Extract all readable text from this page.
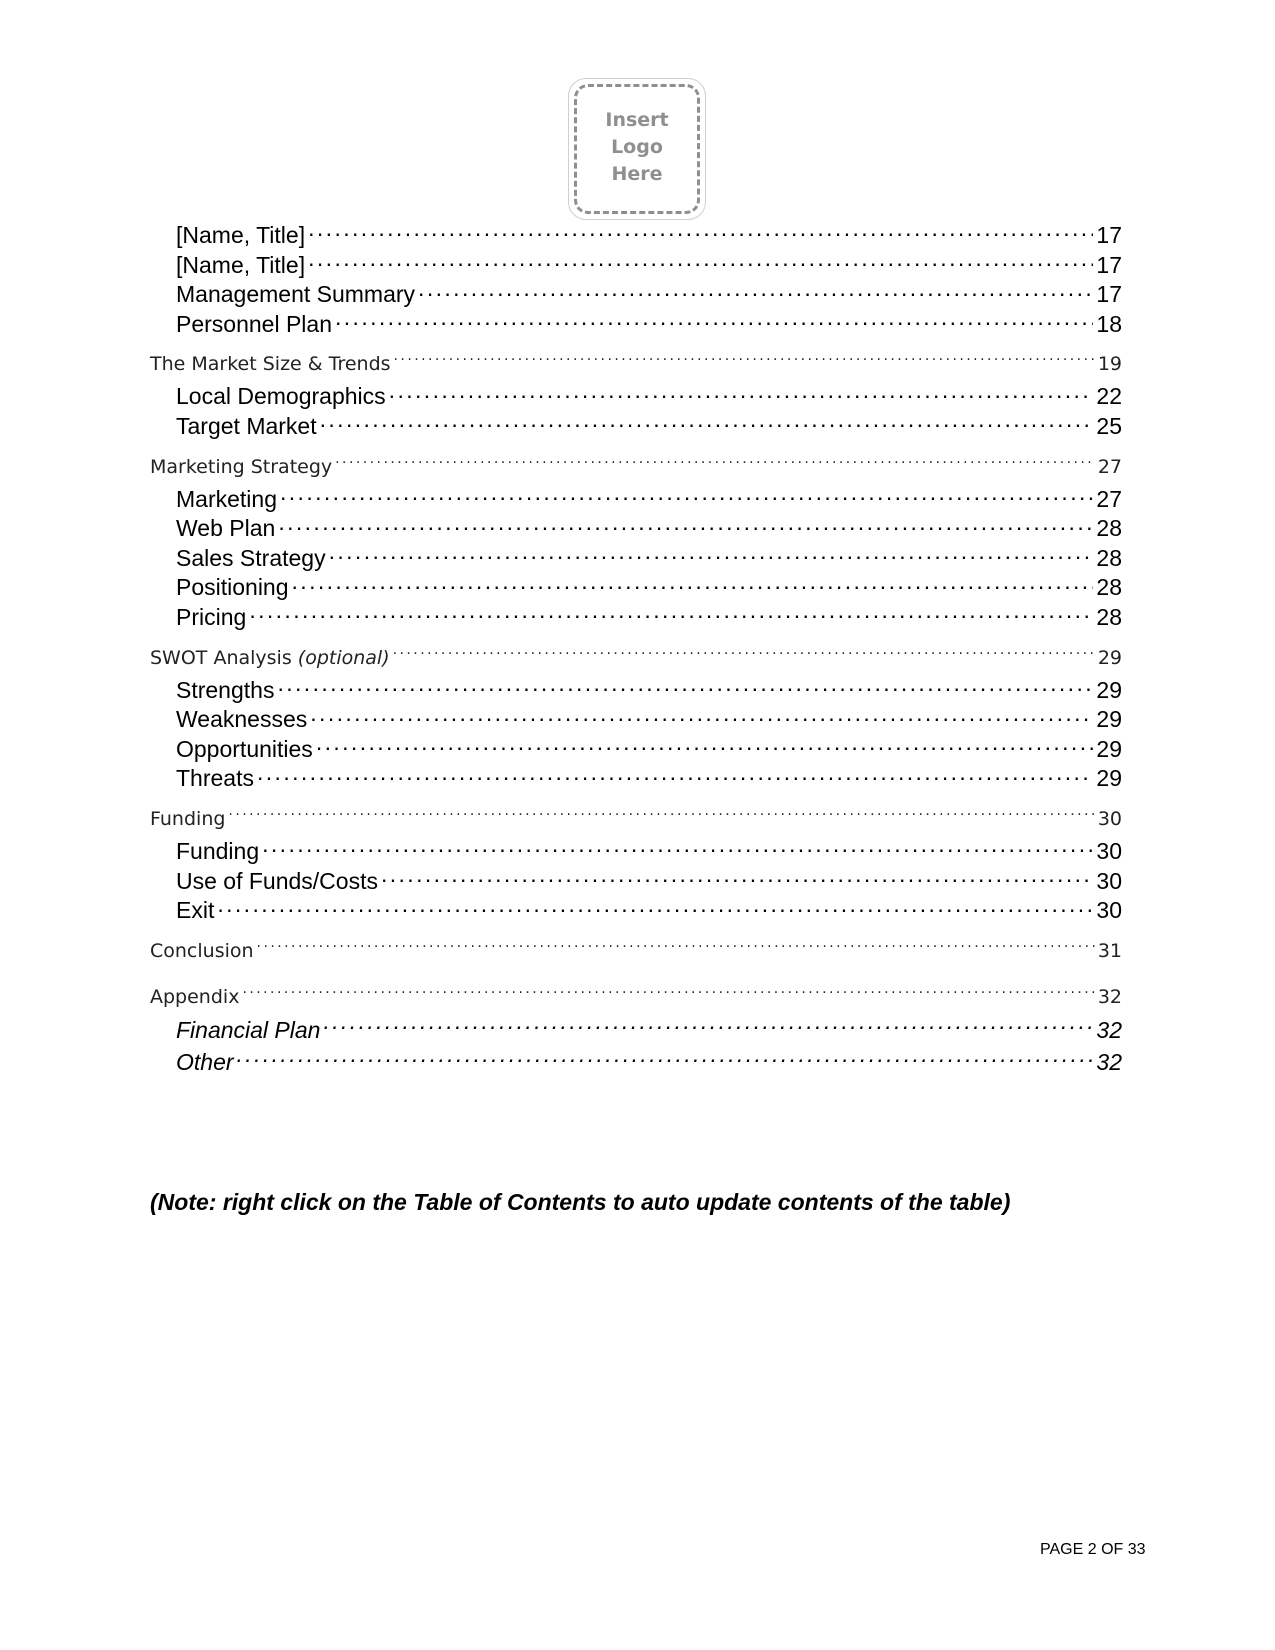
Insert
Logo
Here
[Name, Title] . . .	17
[Name, Title] . . .	17
Management Summary . . .	17
Personnel Plan . . .	18
The Market Size & Trends . . .	19
Local Demographics . . .	22
Target Market . . .	25
Marketing Strategy . . .	27
Marketing . . .	27
Web Plan . . .	28
Sales Strategy . . .	28
Positioning . . .	28
Pricing . . .	28
SWOT Analysis (optional) . . .	29
Strengths . . .	29
Weaknesses . . .	29
Opportunities . . .	29
Threats . . .	29
Funding . . .	30
Funding . . .	30
Use of Funds/Costs . . .	30
Exit . . .	30
Conclusion . . .	31
Appendix . . .	32
Financial Plan . . .	32
Other . . .	32
(Note: right click on the Table of Contents to auto update contents of the table)
PAGE 2 OF 33
